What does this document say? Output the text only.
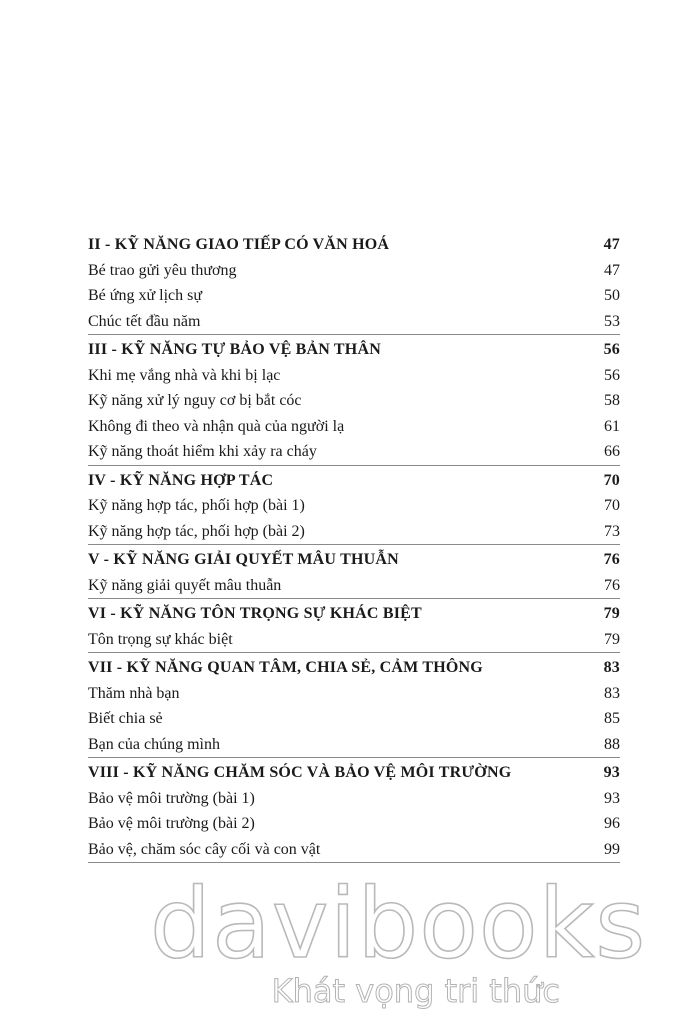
II - KỸ NĂNG GIAO TIẾP CÓ VĂN HOÁ	47
Bé trao gửi yêu thương	47
Bé ứng xử lịch sự	50
Chúc tết đầu năm	53
III - KỸ NĂNG TỰ BẢO VỆ BẢN THÂN	56
Khi mẹ vắng nhà và khi bị lạc	56
Kỹ năng xử lý nguy cơ bị bắt cóc	58
Không đi theo và nhận quà của người lạ	61
Kỹ năng thoát hiểm khi xảy ra cháy	66
IV - KỸ NĂNG HỢP TÁC	70
Kỹ năng hợp tác, phối hợp (bài 1)	70
Kỹ năng hợp tác, phối hợp (bài 2)	73
V - KỸ NĂNG GIẢI QUYẾT MÂU THUẪN	76
Kỹ năng giải quyết mâu thuẫn	76
VI - KỸ NĂNG TÔN TRỌNG SỰ KHÁC BIỆT	79
Tôn trọng sự khác biệt	79
VII - KỸ NĂNG QUAN TÂM, CHIA SẺ, CẢM THÔNG	83
Thăm nhà bạn	83
Biết chia sẻ	85
Bạn của chúng mình	88
VIII - KỸ NĂNG CHĂM SÓC VÀ BẢO VỆ MÔI TRƯỜNG	93
Bảo vệ môi trường (bài 1)	93
Bảo vệ môi trường (bài 2)	96
Bảo vệ, chăm sóc cây cối và con vật	99
davibooks
Khát vọng tri thức
